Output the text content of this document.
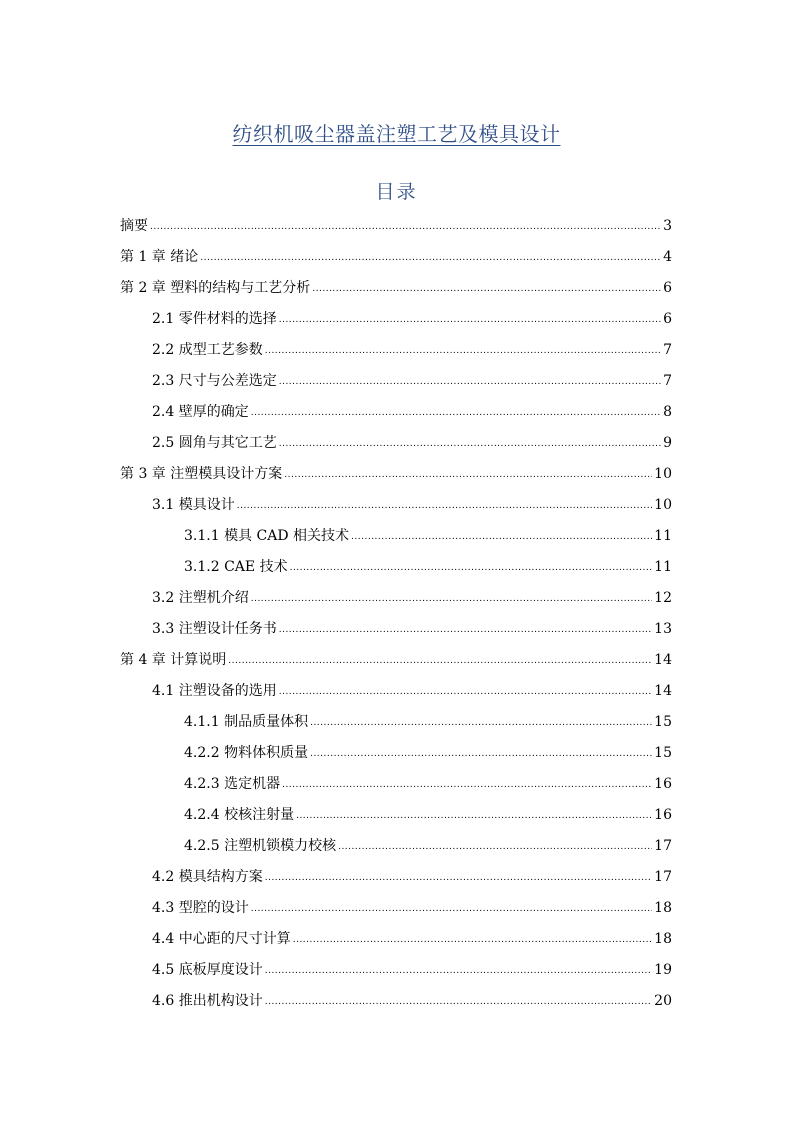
纺织机吸尘器盖注塑工艺及模具设计
目录
摘要 .....	3
第 1 章 绪论 .....	4
第 2 章 塑料的结构与工艺分析 .....	6
2.1 零件材料的选择 .....	6
2.2 成型工艺参数 .....	7
2.3 尺寸与公差选定 .....	7
2.4 壁厚的确定 .....	8
2.5 圆角与其它工艺 .....	9
第 3 章 注塑模具设计方案 .....	10
3.1 模具设计 .....	10
3.1.1 模具 CAD 相关技术 .....	11
3.1.2 CAE 技术 .....	11
3.2 注塑机介绍 .....	12
3.3 注塑设计任务书 .....	13
第 4 章 计算说明 .....	14
4.1 注塑设备的选用 .....	14
4.1.1 制品质量体积 .....	15
4.2.2 物料体积质量 .....	15
4.2.3 选定机器 .....	16
4.2.4 校核注射量 .....	16
4.2.5 注塑机锁模力校核 .....	17
4.2 模具结构方案 .....	17
4.3 型腔的设计 .....	18
4.4 中心距的尺寸计算 .....	18
4.5 底板厚度设计 .....	19
4.6 推出机构设计 .....	20
